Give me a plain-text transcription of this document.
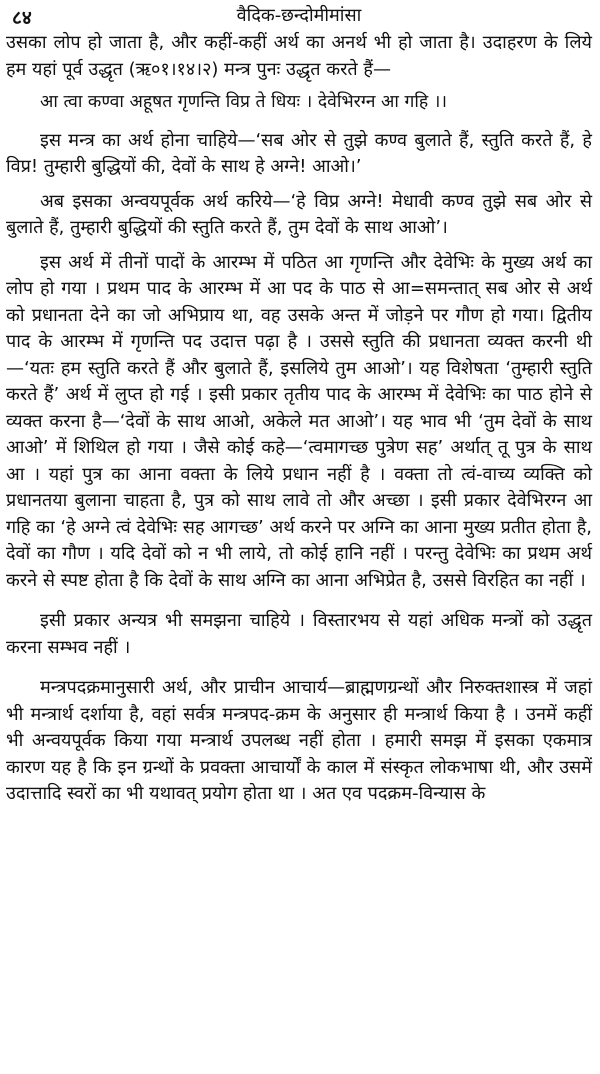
८४	वैदिक-छन्दोमीमांसा

उसका लोप हो जाता है, और कहीं-कहीं अर्थ का अनर्थ भी हो जाता है। उदाहरण के लिये हम यहां पूर्व उद्धृत (ऋ०१।१४।२) मन्त्र पुनः उद्धृत करते हैं—

आ त्वा कण्वा अहूषत गृणन्ति विप्र ते धियः । देवेभिरग्न आ गहि ।।

इस मन्त्र का अर्थ होना चाहिये—‘सब ओर से तुझे कण्व बुलाते हैं, स्तुति करते हैं, हे विप्र! तुम्हारी बुद्धियों की, देवों के साथ हे अग्ने! आओ।’

अब इसका अन्वयपूर्वक अर्थ करिये—‘हे विप्र अग्ने! मेधावी कण्व तुझे सब ओर से बुलाते हैं, तुम्हारी बुद्धियों की स्तुति करते हैं, तुम देवों के साथ आओ’।

इस अर्थ में तीनों पादों के आरम्भ में पठित आ गृणन्ति और देवेभिः के मुख्य अर्थ का लोप हो गया । प्रथम पाद के आरम्भ में आ पद के पाठ से आ=समन्तात् सब ओर से अर्थ को प्रधानता देने का जो अभिप्राय था, वह उसके अन्त में जोड़ने पर गौण हो गया। द्वितीय पाद के आरम्भ में गृणन्ति पद उदात्त पढ़ा है । उससे स्तुति की प्रधानता व्यक्त करनी थी—‘यतः हम स्तुति करते हैं और बुलाते हैं, इसलिये तुम आओ’। यह विशेषता ‘तुम्हारी स्तुति करते हैं’ अर्थ में लुप्त हो गई । इसी प्रकार तृतीय पाद के आरम्भ में देवेभिः का पाठ होने से व्यक्त करना है—‘देवों के साथ आओ, अकेले मत आओ’। यह भाव भी ‘तुम देवों के साथ आओ’ में शिथिल हो गया । जैसे कोई कहे—‘त्वमागच्छ पुत्रेण सह’ अर्थात् तू पुत्र के साथ आ । यहां पुत्र का आना वक्ता के लिये प्रधान नहीं है । वक्ता तो त्वं-वाच्य व्यक्ति को प्रधानतया बुलाना चाहता है, पुत्र को साथ लावे तो और अच्छा । इसी प्रकार देवेभिरग्न आ गहि का ‘हे अग्ने त्वं देवेभिः सह आगच्छ’ अर्थ करने पर अग्नि का आना मुख्य प्रतीत होता है, देवों का गौण । यदि देवों को न भी लाये, तो कोई हानि नहीं । परन्तु देवेभिः का प्रथम अर्थ करने से स्पष्ट होता है कि देवों के साथ अग्नि का आना अभिप्रेत है, उससे विरहित का नहीं ।

इसी प्रकार अन्यत्र भी समझना चाहिये । विस्तारभय से यहां अधिक मन्त्रों को उद्धृत करना सम्भव नहीं ।

मन्त्रपदक्रमानुसारी अर्थ, और प्राचीन आचार्य—ब्राह्मणग्रन्थों और निरुक्तशास्त्र में जहां भी मन्त्रार्थ दर्शाया है, वहां सर्वत्र मन्त्रपद-क्रम के अनुसार ही मन्त्रार्थ किया है । उनमें कहीं भी अन्वयपूर्वक किया गया मन्त्रार्थ उपलब्ध नहीं होता । हमारी समझ में इसका एकमात्र कारण यह है कि इन ग्रन्थों के प्रवक्ता आचार्यों के काल में संस्कृत लोकभाषा थी, और उसमें उदात्तादि स्वरों का भी यथावत् प्रयोग होता था । अत एव पदक्रम-विन्यास के
